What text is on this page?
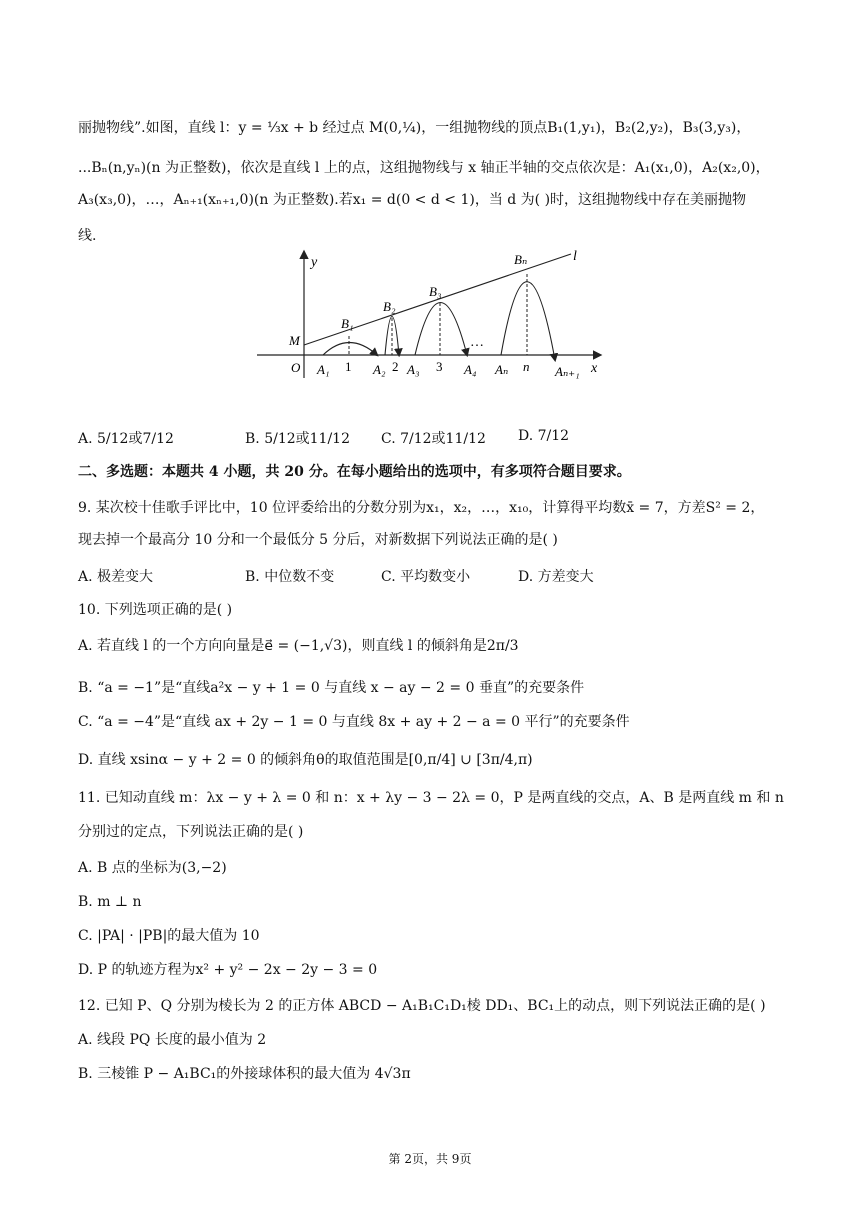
丽抛物线”.如图，直线 l：y = ⅓x + b 经过点 M(0,¼)，一组抛物线的顶点B₁(1,y₁)，B₂(2,y₂)，B₃(3,y₃)，
...Bₙ(n,yₙ)(n 为正整数)，依次是直线 l 上的点，这组抛物线与 x 轴正半轴的交点依次是：A₁(x₁,0)，A₂(x₂,0)，
A₃(x₃,0)，…，Aₙ₊₁(xₙ₊₁,0)(n 为正整数).若x₁ = d(0 < d < 1)，当 d 为( )时，这组抛物线中存在美丽抛物
线.
y
x
l
M
O A₁ 1 A₂ 2 A₃ 3 A₄ Aₙ n Aₙ₊₁
B₁
B₂
B₃
Bₙ
…
A. 5/12或7/12	B. 5/12或11/12 C. 7/12或11/12 D. 7/12
二、多选题：本题共 4 小题，共 20 分。在每小题给出的选项中，有多项符合题目要求。
9. 某次校十佳歌手评比中，10 位评委给出的分数分别为x₁，x₂，…，x₁₀，计算得平均数x̄ = 7，方差S² = 2，
现去掉一个最高分 10 分和一个最低分 5 分后，对新数据下列说法正确的是( )
A. 极差变大	B. 中位数不变	C. 平均数变小	D. 方差变大
10. 下列选项正确的是( )
A. 若直线 l 的一个方向向量是e⃗ = (−1,√3)，则直线 l 的倾斜角是2π/3
B. “a = −1”是“直线a²x − y + 1 = 0 与直线 x − ay − 2 = 0 垂直”的充要条件
C. “a = −4”是“直线 ax + 2y − 1 = 0 与直线 8x + ay + 2 − a = 0 平行”的充要条件
D. 直线 xsinα − y + 2 = 0 的倾斜角θ的取值范围是[0,π/4] ∪ [3π/4,π)
11. 已知动直线 m：λx − y + λ = 0 和 n：x + λy − 3 − 2λ = 0，P 是两直线的交点，A、B 是两直线 m 和 n
分别过的定点，下列说法正确的是( )
A. B 点的坐标为(3,−2)
B. m ⊥ n
C. |PA| · |PB|的最大值为 10
D. P 的轨迹方程为x² + y² − 2x − 2y − 3 = 0
12. 已知 P、Q 分别为棱长为 2 的正方体 ABCD − A₁B₁C₁D₁棱 DD₁、BC₁上的动点，则下列说法正确的是( )
A. 线段 PQ 长度的最小值为 2
B. 三棱锥 P − A₁BC₁的外接球体积的最大值为 4√3π
第 2页，共 9页
